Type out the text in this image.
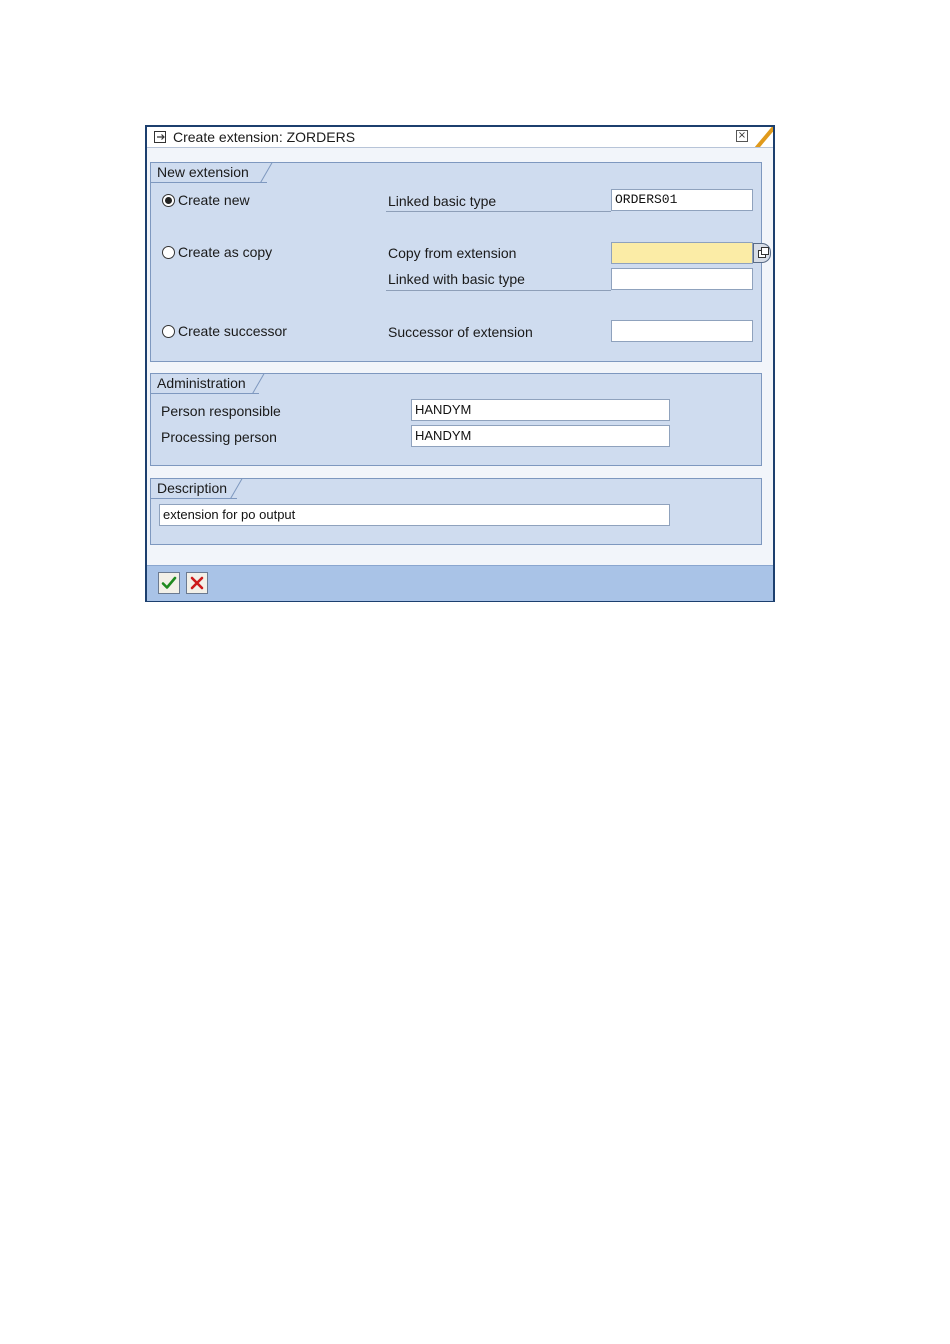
Create extension: ZORDERS	×
New extension
Create new	Linked basic type	ORDERS01
Create as copy	Copy from extension
Linked with basic type
Create successor	Successor of extension
Administration
Person responsible	HANDYM
Processing person	HANDYM
Description
extension for po output
